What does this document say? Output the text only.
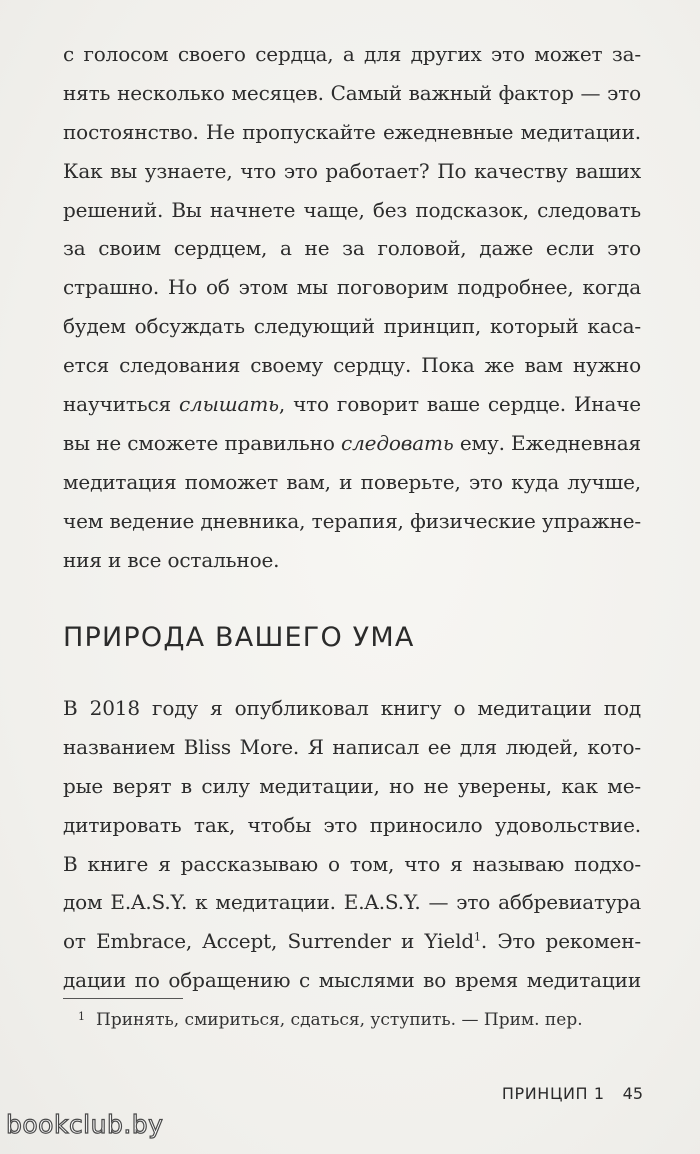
с голосом своего сердца, а для других это может за-
нять несколько месяцев. Самый важный фактор — это
постоянство. Не пропускайте ежедневные медитации.
Как вы узнаете, что это работает? По качеству ваших
решений. Вы начнете чаще, без подсказок, следовать
за своим сердцем, а не за головой, даже если это
страшно. Но об этом мы поговорим подробнее, когда
будем обсуждать следующий принцип, который каса-
ется следования своему сердцу. Пока же вам нужно
научиться слышать, что говорит ваше сердце. Иначе
вы не сможете правильно следовать ему. Ежедневная
медитация поможет вам, и поверьте, это куда лучше,
чем ведение дневника, терапия, физические упражне-
ния и все остальное.
ПРИРОДА ВАШЕГО УМА
В 2018 году я опубликовал книгу о медитации под
названием Bliss More. Я написал ее для людей, кото-
рые верят в силу медитации, но не уверены, как ме-
дитировать так, чтобы это приносило удовольствие.
В книге я рассказываю о том, что я называю подхо-
дом E.A.S.Y. к медитации. E.A.S.Y. — это аббревиатура
от Embrace, Accept, Surrender и Yield$^1$. Это рекомен-
дации по обращению с мыслями во время медитации
1 Принять, смириться, сдаться, уступить. — Прим. пер.
ПРИНЦИП 1 45
bookclub.by
